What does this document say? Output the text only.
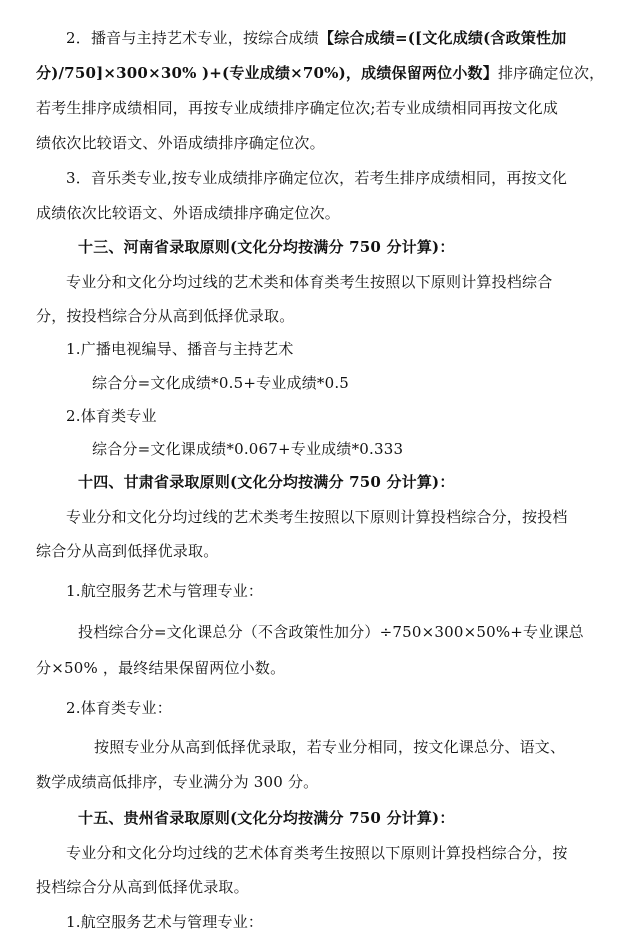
2．播音与主持艺术专业，按综合成绩【综合成绩=([文化成绩(含政策性加
分)/750]×300×30% )+(专业成绩×70%)，成绩保留两位小数】排序确定位次，
若考生排序成绩相同，再按专业成绩排序确定位次;若专业成绩相同再按文化成
绩依次比较语文、外语成绩排序确定位次。
3．音乐类专业,按专业成绩排序确定位次，若考生排序成绩相同，再按文化
成绩依次比较语文、外语成绩排序确定位次。
十三、河南省录取原则(文化分均按满分 750 分计算)：
专业分和文化分均过线的艺术类和体育类考生按照以下原则计算投档综合
分，按投档综合分从高到低择优录取。
1.广播电视编导、播音与主持艺术
综合分=文化成绩*0.5+专业成绩*0.5
2.体育类专业
综合分=文化课成绩*0.067+专业成绩*0.333
十四、甘肃省录取原则(文化分均按满分 750 分计算)：
专业分和文化分均过线的艺术类考生按照以下原则计算投档综合分，按投档
综合分从高到低择优录取。
1.航空服务艺术与管理专业：
投档综合分=文化课总分（不含政策性加分）÷750×300×50%+专业课总
分×50% ，最终结果保留两位小数。
2.体育类专业：
按照专业分从高到低择优录取，若专业分相同，按文化课总分、语文、
数学成绩高低排序，专业满分为 300 分。
十五、贵州省录取原则(文化分均按满分 750 分计算)：
专业分和文化分均过线的艺术体育类考生按照以下原则计算投档综合分，按
投档综合分从高到低择优录取。
1.航空服务艺术与管理专业：
